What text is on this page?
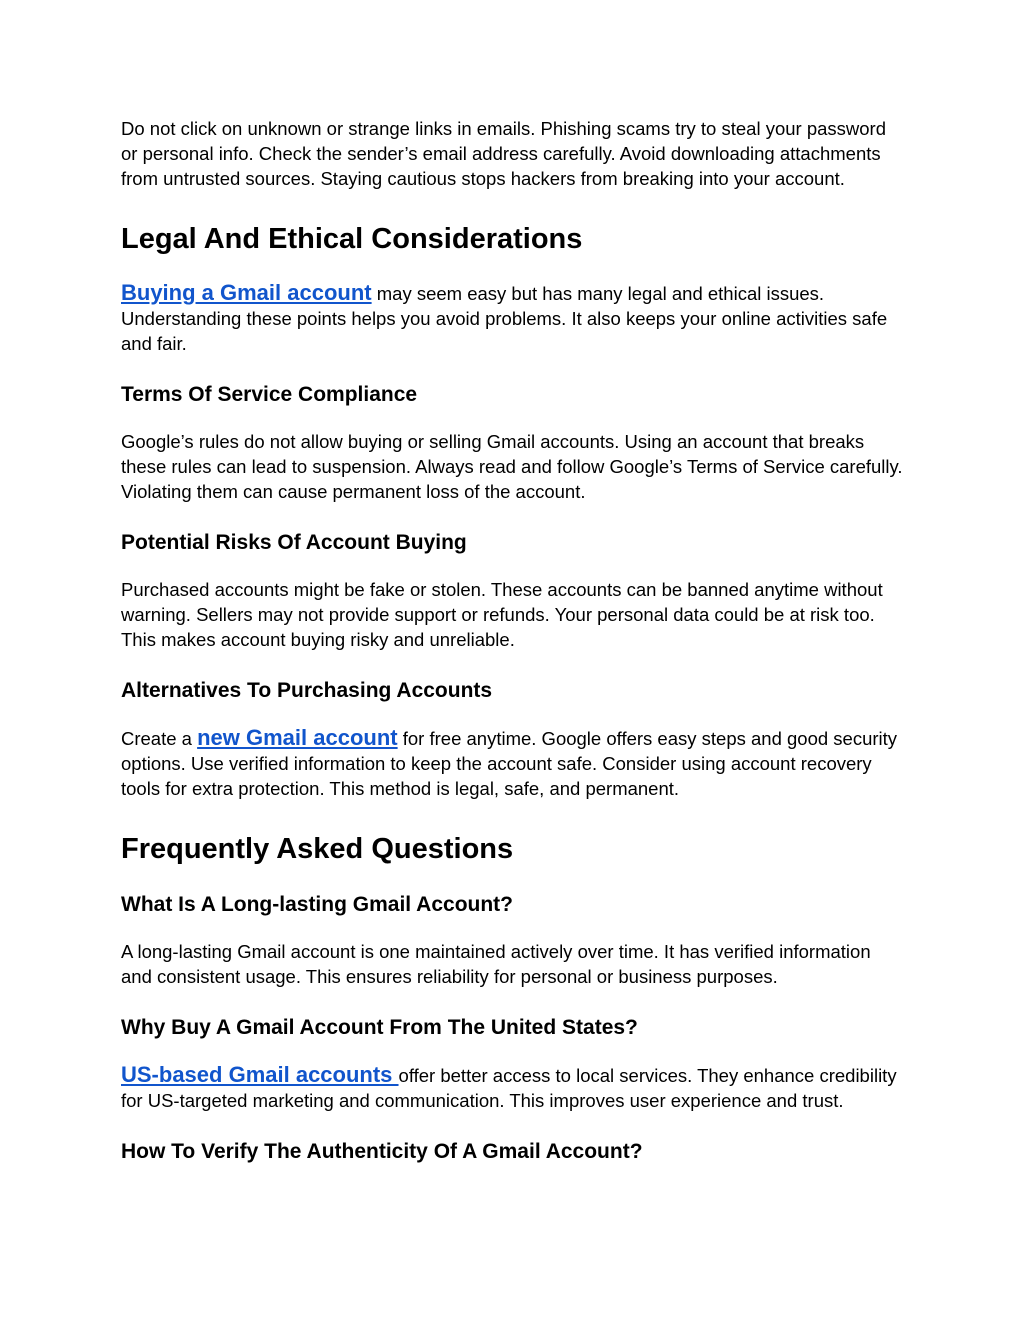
Do not click on unknown or strange links in emails. Phishing scams try to steal your password or personal info. Check the sender’s email address carefully. Avoid downloading attachments from untrusted sources. Staying cautious stops hackers from breaking into your account.

Legal And Ethical Considerations

Buying a Gmail account may seem easy but has many legal and ethical issues. Understanding these points helps you avoid problems. It also keeps your online activities safe and fair.

Terms Of Service Compliance

Google’s rules do not allow buying or selling Gmail accounts. Using an account that breaks these rules can lead to suspension. Always read and follow Google’s Terms of Service carefully. Violating them can cause permanent loss of the account.

Potential Risks Of Account Buying

Purchased accounts might be fake or stolen. These accounts can be banned anytime without warning. Sellers may not provide support or refunds. Your personal data could be at risk too. This makes account buying risky and unreliable.

Alternatives To Purchasing Accounts

Create a new Gmail account for free anytime. Google offers easy steps and good security options. Use verified information to keep the account safe. Consider using account recovery tools for extra protection. This method is legal, safe, and permanent.

Frequently Asked Questions
What Is A Long-lasting Gmail Account?

A long-lasting Gmail account is one maintained actively over time. It has verified information and consistent usage. This ensures reliability for personal or business purposes.

Why Buy A Gmail Account From The United States?

US-based Gmail accounts offer better access to local services. They enhance credibility for US-targeted marketing and communication. This improves user experience and trust.

How To Verify The Authenticity Of A Gmail Account?
